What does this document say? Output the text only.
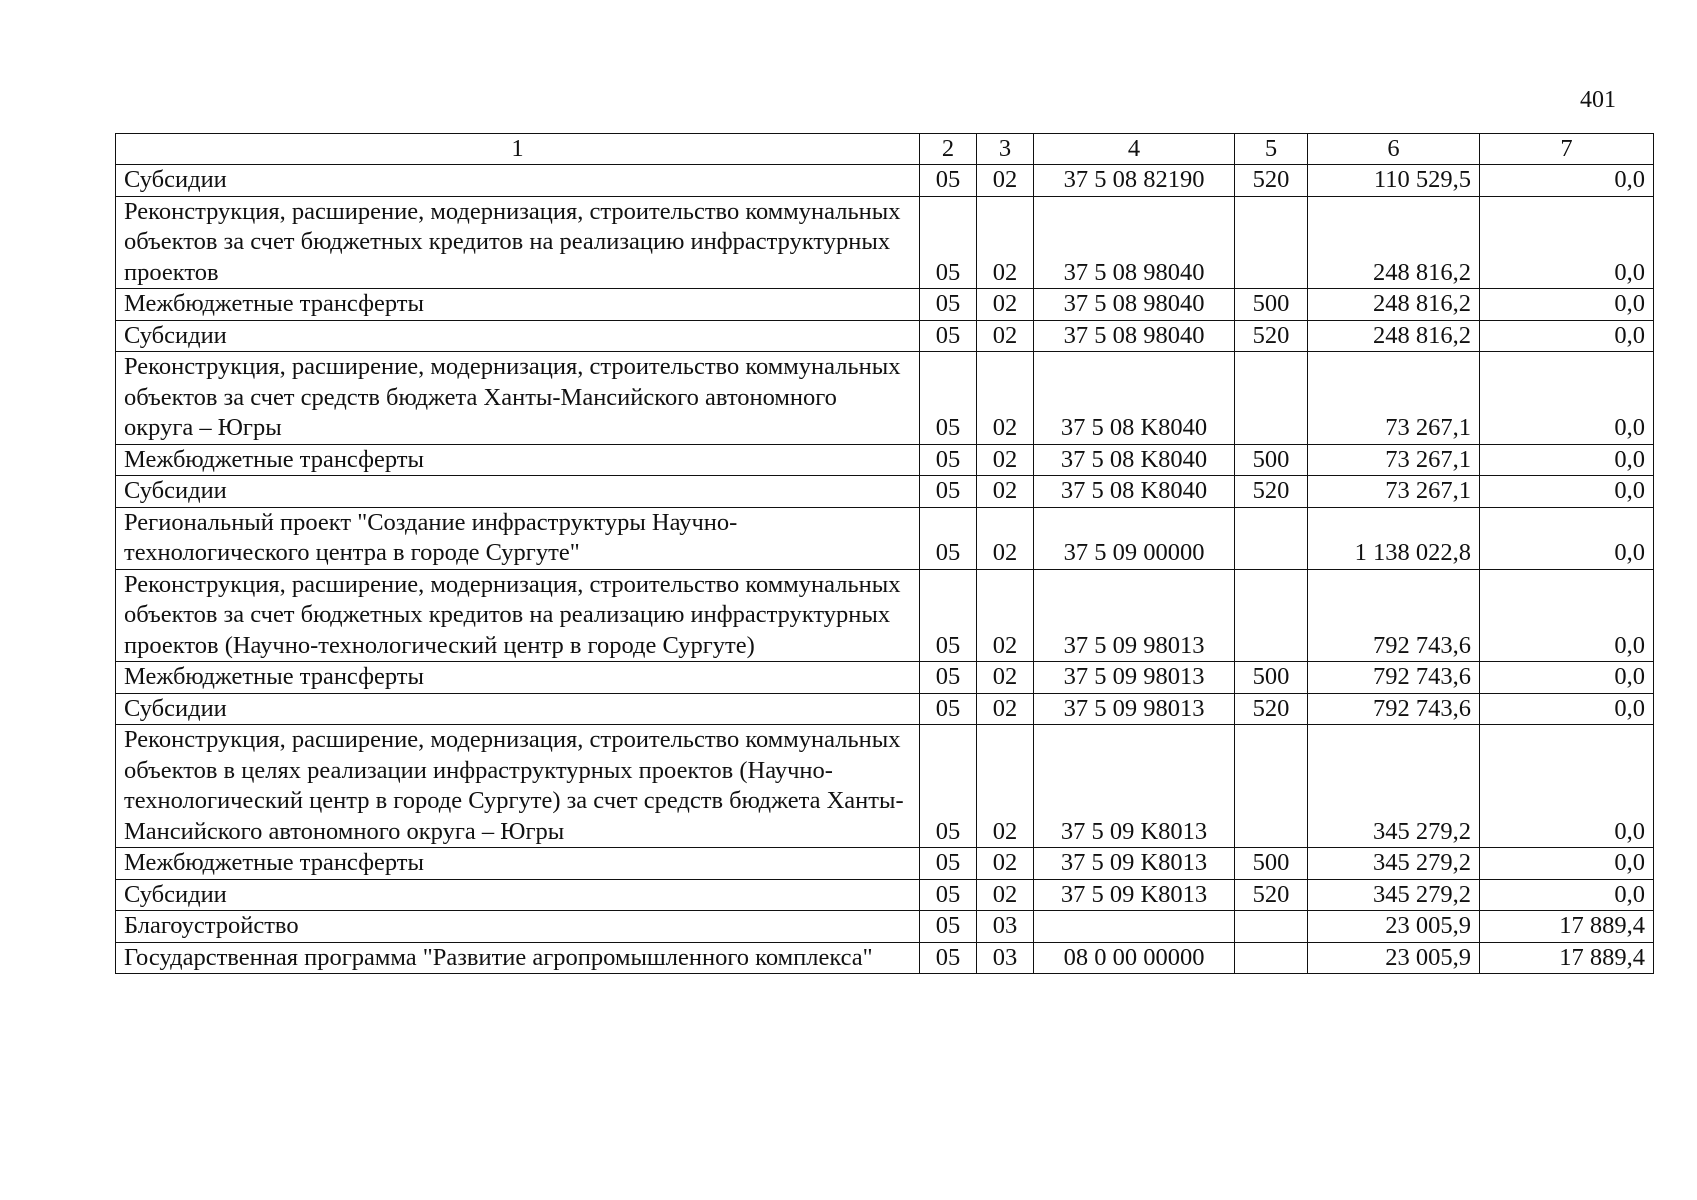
401
1	2	3	4	5	6	7
Субсидии	05	02	37 5 08 82190	520	110 529,5	0,0
Реконструкция, расширение, модернизация, строительство коммунальных объектов за счет бюджетных кредитов на реализацию инфраструктурных проектов	05	02	37 5 08 98040		248 816,2	0,0
Межбюджетные трансферты	05	02	37 5 08 98040	500	248 816,2	0,0
Субсидии	05	02	37 5 08 98040	520	248 816,2	0,0
Реконструкция, расширение, модернизация, строительство коммунальных объектов за счет средств бюджета Ханты-Мансийского автономного округа – Югры	05	02	37 5 08 K8040		73 267,1	0,0
Межбюджетные трансферты	05	02	37 5 08 K8040	500	73 267,1	0,0
Субсидии	05	02	37 5 08 K8040	520	73 267,1	0,0
Региональный проект "Создание инфраструктуры Научно-технологического центра в городе Сургуте"	05	02	37 5 09 00000		1 138 022,8	0,0
Реконструкция, расширение, модернизация, строительство коммунальных объектов за счет бюджетных кредитов на реализацию инфраструктурных проектов (Научно-технологический центр в городе Сургуте)	05	02	37 5 09 98013		792 743,6	0,0
Межбюджетные трансферты	05	02	37 5 09 98013	500	792 743,6	0,0
Субсидии	05	02	37 5 09 98013	520	792 743,6	0,0
Реконструкция, расширение, модернизация, строительство коммунальных объектов в целях реализации инфраструктурных проектов (Научно-технологический центр в городе Сургуте) за счет средств бюджета Ханты-Мансийского автономного округа – Югры	05	02	37 5 09 K8013		345 279,2	0,0
Межбюджетные трансферты	05	02	37 5 09 K8013	500	345 279,2	0,0
Субсидии	05	02	37 5 09 K8013	520	345 279,2	0,0
Благоустройство	05	03			23 005,9	17 889,4
Государственная программа "Развитие агропромышленного комплекса"	05	03	08 0 00 00000		23 005,9	17 889,4
